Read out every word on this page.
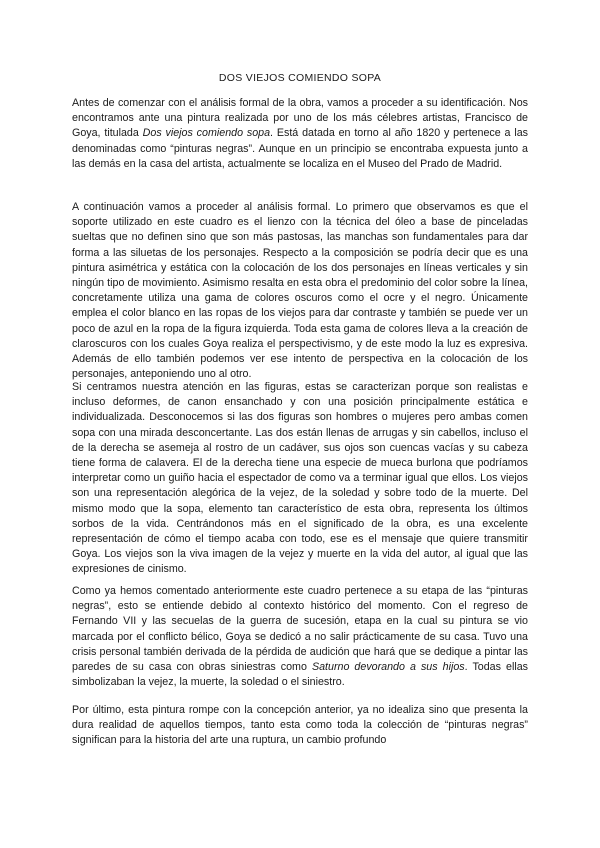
DOS VIEJOS COMIENDO SOPA

Antes de comenzar con el análisis formal de la obra, vamos a proceder a su identificación. Nos encontramos ante una pintura realizada por uno de los más célebres artistas, Francisco de Goya, titulada Dos viejos comiendo sopa. Está datada en torno al año 1820 y pertenece a las denominadas como “pinturas negras”. Aunque en un principio se encontraba expuesta junto a las demás en la casa del artista, actualmente se localiza en el Museo del Prado de Madrid.

A continuación vamos a proceder al análisis formal. Lo primero que observamos es que el soporte utilizado en este cuadro es el lienzo con la técnica del óleo a base de pinceladas sueltas que no definen sino que son más pastosas, las manchas son fundamentales para dar forma a las siluetas de los personajes. Respecto a la composición se podría decir que es una pintura asimétrica y estática con la colocación de los dos personajes en líneas verticales y sin ningún tipo de movimiento. Asimismo resalta en esta obra el predominio del color sobre la línea, concretamente utiliza una gama de colores oscuros como el ocre y el negro. Únicamente emplea el color blanco en las ropas de los viejos para dar contraste y también se puede ver un poco de azul en la ropa de la figura izquierda. Toda esta gama de colores lleva a la creación de claroscuros con los cuales Goya realiza el perspectivismo, y de este modo la luz es expresiva. Además de ello también podemos ver ese intento de perspectiva en la colocación de los personajes, anteponiendo uno al otro.

Si centramos nuestra atención en las figuras, estas se caracterizan porque son realistas e incluso deformes, de canon ensanchado y con una posición principalmente estática e individualizada. Desconocemos si las dos figuras son hombres o mujeres pero ambas comen sopa con una mirada desconcertante. Las dos están llenas de arrugas y sin cabellos, incluso el de la derecha se asemeja al rostro de un cadáver, sus ojos son cuencas vacías y su cabeza tiene forma de calavera. El de la derecha tiene una especie de mueca burlona que podríamos interpretar como un guiño hacia el espectador de como va a terminar igual que ellos. Los viejos son una representación alegórica de la vejez, de la soledad y sobre todo de la muerte. Del mismo modo que la sopa, elemento tan característico de esta obra, representa los últimos sorbos de la vida. Centrándonos más en el significado de la obra, es una excelente representación de cómo el tiempo acaba con todo, ese es el mensaje que quiere transmitir Goya. Los viejos son la viva imagen de la vejez y muerte en la vida del autor, al igual que las expresiones de cinismo.

Como ya hemos comentado anteriormente este cuadro pertenece a su etapa de las “pinturas negras”, esto se entiende debido al contexto histórico del momento. Con el regreso de Fernando VII y las secuelas de la guerra de sucesión, etapa en la cual su pintura se vio marcada por el conflicto bélico, Goya se dedicó a no salir prácticamente de su casa. Tuvo una crisis personal también derivada de la pérdida de audición que hará que se dedique a pintar las paredes de su casa con obras siniestras como Saturno devorando a sus hijos. Todas ellas simbolizaban la vejez, la muerte, la soledad o el siniestro.

Por último, esta pintura rompe con la concepción anterior, ya no idealiza sino que presenta la dura realidad de aquellos tiempos, tanto esta como toda la colección de “pinturas negras” significan para la historia del arte una ruptura, un cambio profundo
